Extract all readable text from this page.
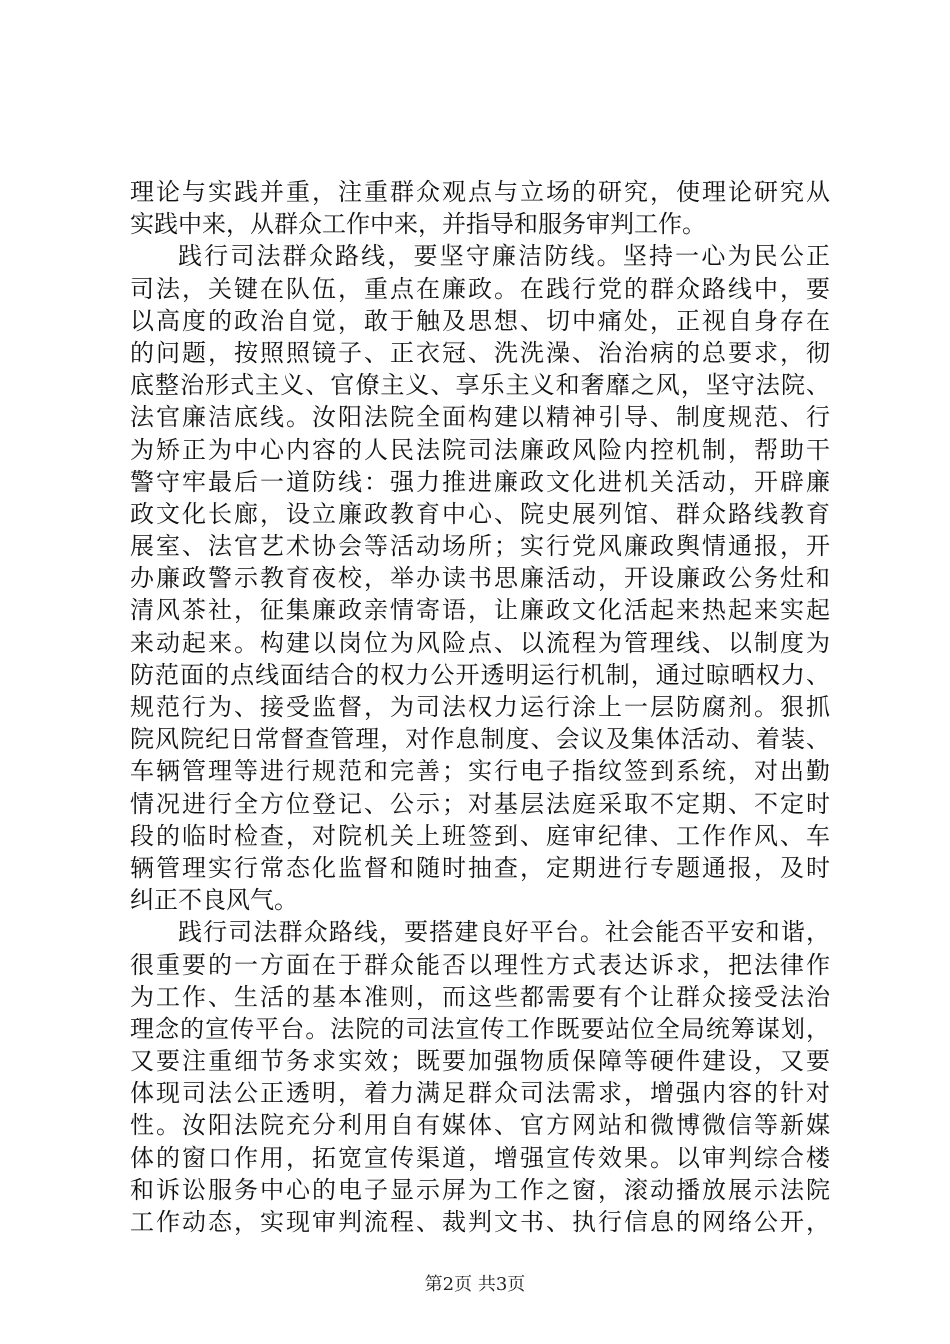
理论与实践并重，注重群众观点与立场的研究，使理论研究从
实践中来，从群众工作中来，并指导和服务审判工作。
践行司法群众路线，要坚守廉洁防线。坚持一心为民公正
司法，关键在队伍，重点在廉政。在践行党的群众路线中，要
以高度的政治自觉，敢于触及思想、切中痛处，正视自身存在
的问题，按照照镜子、正衣冠、洗洗澡、治治病的总要求，彻
底整治形式主义、官僚主义、享乐主义和奢靡之风，坚守法院、
法官廉洁底线。汝阳法院全面构建以精神引导、制度规范、行
为矫正为中心内容的人民法院司法廉政风险内控机制，帮助干
警守牢最后一道防线：强力推进廉政文化进机关活动，开辟廉
政文化长廊，设立廉政教育中心、院史展列馆、群众路线教育
展室、法官艺术协会等活动场所；实行党风廉政舆情通报，开
办廉政警示教育夜校，举办读书思廉活动，开设廉政公务灶和
清风茶社，征集廉政亲情寄语，让廉政文化活起来热起来实起
来动起来。构建以岗位为风险点、以流程为管理线、以制度为
防范面的点线面结合的权力公开透明运行机制，通过晾晒权力、
规范行为、接受监督，为司法权力运行涂上一层防腐剂。狠抓
院风院纪日常督查管理，对作息制度、会议及集体活动、着装、
车辆管理等进行规范和完善；实行电子指纹签到系统，对出勤
情况进行全方位登记、公示；对基层法庭采取不定期、不定时
段的临时检查，对院机关上班签到、庭审纪律、工作作风、车
辆管理实行常态化监督和随时抽查，定期进行专题通报，及时
纠正不良风气。
践行司法群众路线，要搭建良好平台。社会能否平安和谐，
很重要的一方面在于群众能否以理性方式表达诉求，把法律作
为工作、生活的基本准则，而这些都需要有个让群众接受法治
理念的宣传平台。法院的司法宣传工作既要站位全局统筹谋划，
又要注重细节务求实效；既要加强物质保障等硬件建设，又要
体现司法公正透明，着力满足群众司法需求，增强内容的针对
性。汝阳法院充分利用自有媒体、官方网站和微博微信等新媒
体的窗口作用，拓宽宣传渠道，增强宣传效果。以审判综合楼
和诉讼服务中心的电子显示屏为工作之窗，滚动播放展示法院
工作动态，实现审判流程、裁判文书、执行信息的网络公开，
第2页 共3页
